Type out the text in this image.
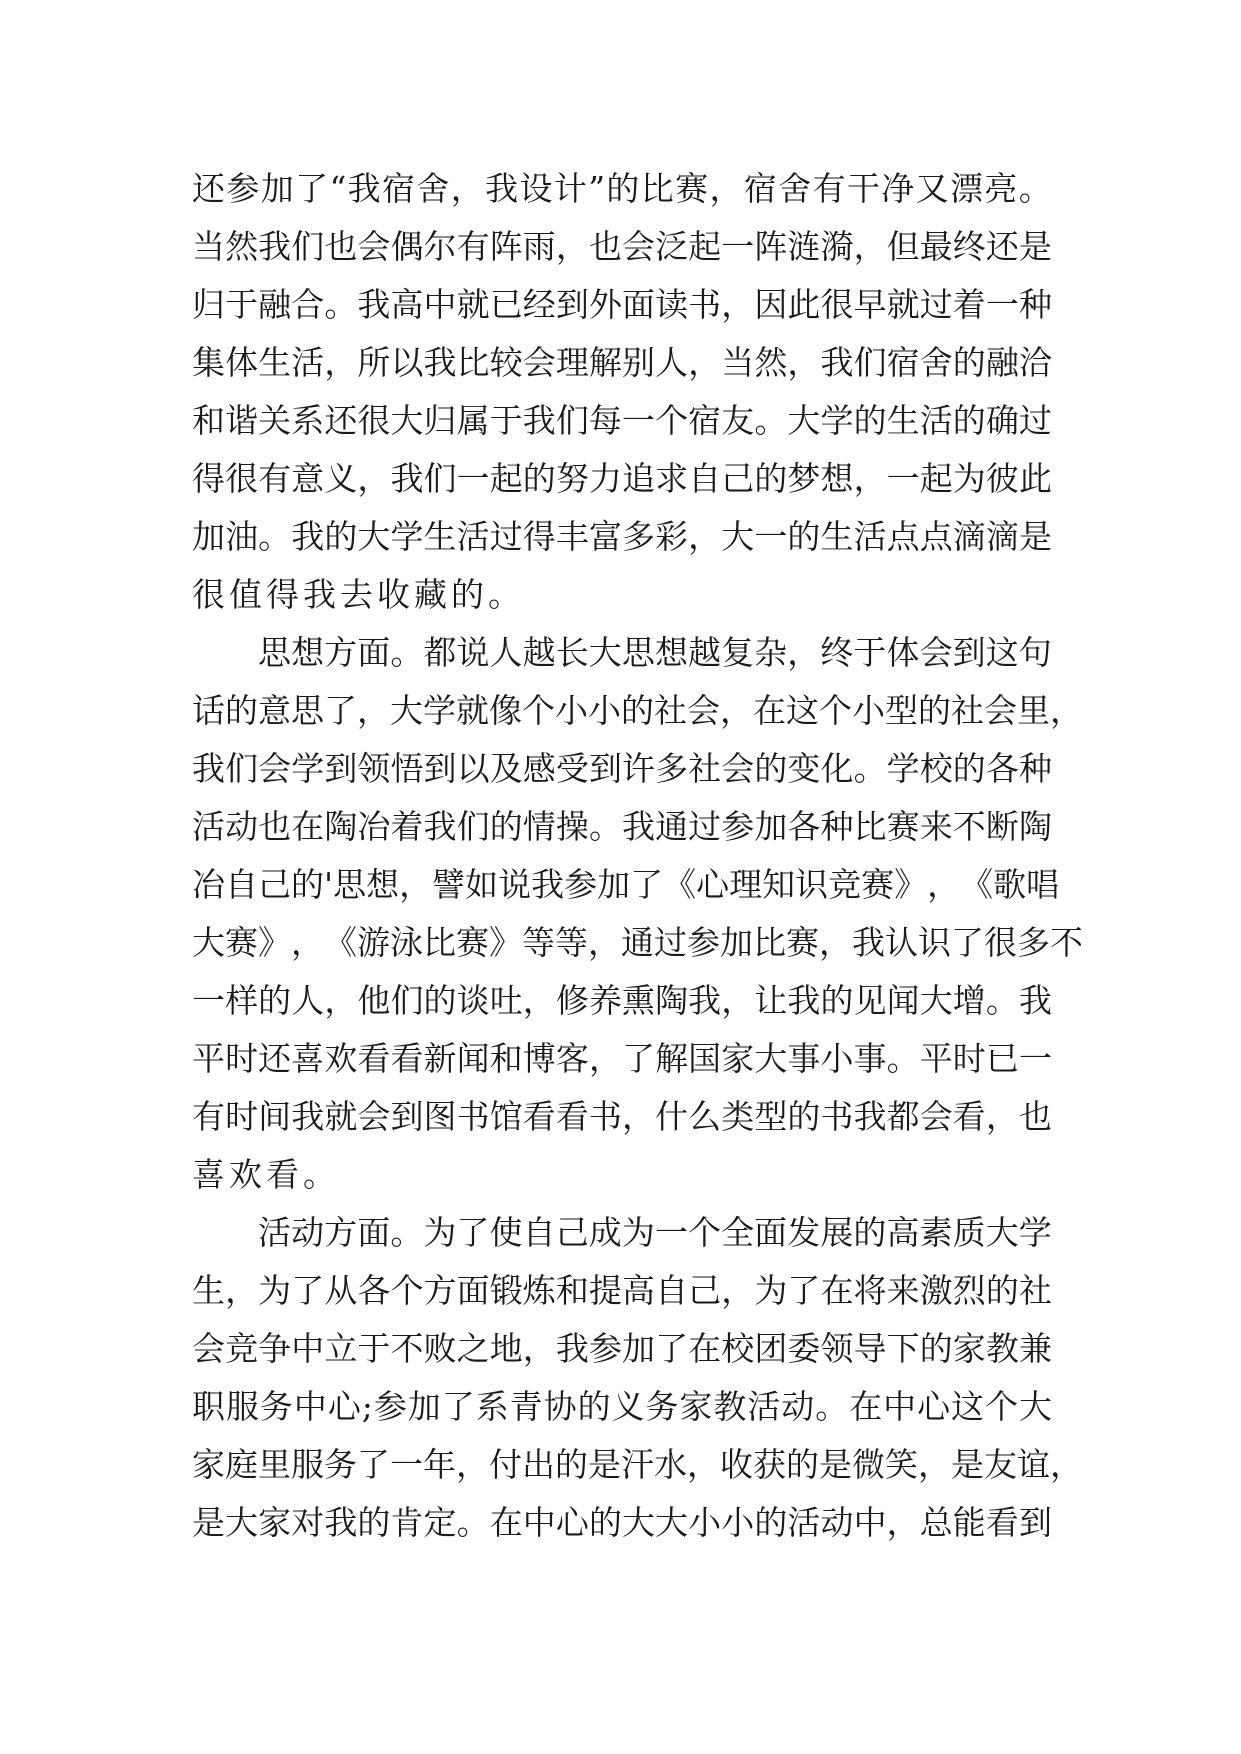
还 参 加 了 “ 我 宿 舍 ， 我 设 计 ” 的 比 赛 ， 宿 舍 有 干 净 又 漂 亮 。
当 然 我 们 也 会 偶 尔 有 阵 雨 ， 也 会 泛 起 一 阵 涟 漪 ， 但 最 终 还 是
归 于 融 合 。 我 高 中 就 已 经 到 外 面 读 书 ， 因 此 很 早 就 过 着 一 种
集 体 生 活 ， 所 以 我 比 较 会 理 解 别 人 ， 当 然 ， 我 们 宿 舍 的 融 洽
和 谐 关 系 还 很 大 归 属 于 我 们 每 一 个 宿 友 。 大 学 的 生 活 的 确 过
得 很 有 意 义 ， 我 们 一 起 的 努 力 追 求 自 己 的 梦 想 ， 一 起 为 彼 此
加 油 。 我 的 大 学 生 活 过 得 丰 富 多 彩 ， 大 一 的 生 活 点 点 滴 滴 是
很值得我去收藏的。
思 想 方 面 。 都 说 人 越 长 大 思 想 越 复 杂 ， 终 于 体 会 到 这 句
话 的 意 思 了 ， 大 学 就 像 个 小 小 的 社 会 ， 在 这 个 小 型 的 社 会 里 ，
我 们 会 学 到 领 悟 到 以 及 感 受 到 许 多 社 会 的 变 化 。 学 校 的 各 种
活 动 也 在 陶 冶 着 我 们 的 情 操 。 我 通 过 参 加 各 种 比 赛 来 不 断 陶
冶 自 己 的 ' 思 想 ， 譬 如 说 我 参 加 了 《 心 理 知 识 竞 赛 》 ， 《 歌 唱
大 赛 》 ， 《 游 泳 比 赛 》 等 等 ， 通 过 参 加 比 赛 ， 我 认 识 了 很 多 不
一 样 的 人 ， 他 们 的 谈 吐 ， 修 养 熏 陶 我 ， 让 我 的 见 闻 大 增 。 我
平 时 还 喜 欢 看 看 新 闻 和 博 客 ， 了 解 国 家 大 事 小 事 。 平 时 已 一
有 时 间 我 就 会 到 图 书 馆 看 看 书 ， 什 么 类 型 的 书 我 都 会 看 ， 也
喜欢看。
活 动 方 面 。 为 了 使 自 己 成 为 一 个 全 面 发 展 的 高 素 质 大 学
生 ， 为 了 从 各 个 方 面 锻 炼 和 提 高 自 己 ， 为 了 在 将 来 激 烈 的 社
会 竞 争 中 立 于 不 败 之 地 ， 我 参 加 了 在 校 团 委 领 导 下 的 家 教 兼
职 服 务 中 心 ; 参 加 了 系 青 协 的 义 务 家 教 活 动 。 在 中 心 这 个 大
家 庭 里 服 务 了 一 年 ， 付 出 的 是 汗 水 ， 收 获 的 是 微 笑 ， 是 友 谊 ，
是 大 家 对 我 的 肯 定 。 在 中 心 的 大 大 小 小 的 活 动 中 ， 总 能 看 到
